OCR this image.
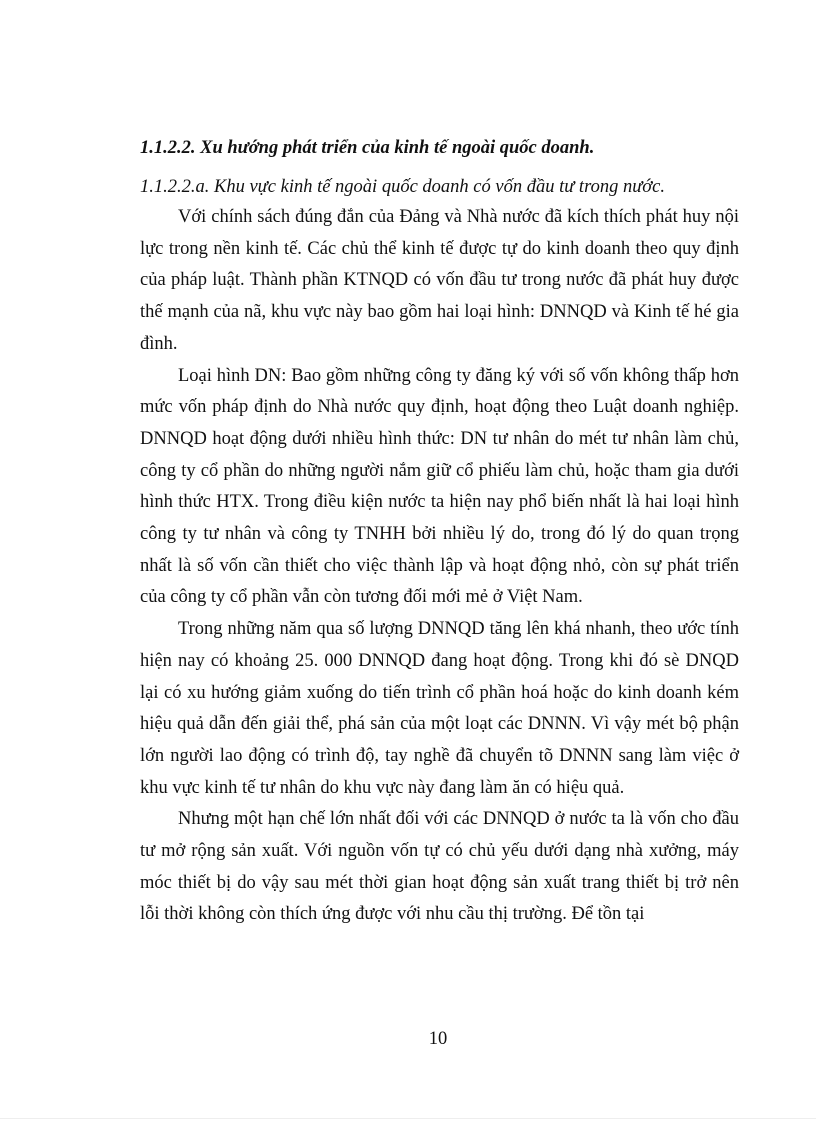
1.1.2.2. Xu hướng phát triển của kinh tế ngoài quốc doanh.
1.1.2.2.a. Khu vực kinh tế ngoài quốc doanh có vốn đầu tư trong nước.

Với chính sách đúng đắn của Đảng và Nhà nước đã kích thích phát huy nội lực trong nền kinh tế. Các chủ thể kinh tế được tự do kinh doanh theo quy định của pháp luật. Thành phần KTNQD có vốn đầu tư trong nước đã phát huy được thế mạnh của nã, khu vực này bao gồm hai loại hình: DNNQD và Kinh tế hé gia đình.

Loại hình DN: Bao gồm những công ty đăng ký với số vốn không thấp hơn mức vốn pháp định do Nhà nước quy định, hoạt động theo Luật doanh nghiệp. DNNQD hoạt động dưới nhiều hình thức: DN tư nhân do mét tư nhân làm chủ, công ty cổ phần do những người nắm giữ cổ phiếu làm chủ, hoặc tham gia dưới hình thức HTX. Trong điều kiện nước ta hiện nay phổ biến nhất là hai loại hình công ty tư nhân và công ty TNHH bởi nhiều lý do, trong đó lý do quan trọng nhất là số vốn cần thiết cho việc thành lập và hoạt động nhỏ, còn sự phát triển của công ty cổ phần vẫn còn tương đối mới mẻ ở Việt Nam.

Trong những năm qua số lượng DNNQD tăng lên khá nhanh, theo ước tính hiện nay có khoảng 25. 000 DNNQD đang hoạt động. Trong khi đó sè DNQD lại có xu hướng giảm xuống do tiến trình cổ phần hoá hoặc do kinh doanh kém hiệu quả dẫn đến giải thể, phá sản của một loạt các DNNN. Vì vậy mét bộ phận lớn người lao động có trình độ, tay nghề đã chuyển tõ DNNN sang làm việc ở khu vực kinh tế tư nhân do khu vực này đang làm ăn có hiệu quả.

Nhưng một hạn chế lớn nhất đối với các DNNQD ở nước ta là vốn cho đầu tư mở rộng sản xuất. Với nguồn vốn tự có chủ yếu dưới dạng nhà xưởng, máy móc thiết bị do vậy sau mét thời gian hoạt động sản xuất trang thiết bị trở nên lỗi thời không còn thích ứng được với nhu cầu thị trường. Để tồn tại

10
